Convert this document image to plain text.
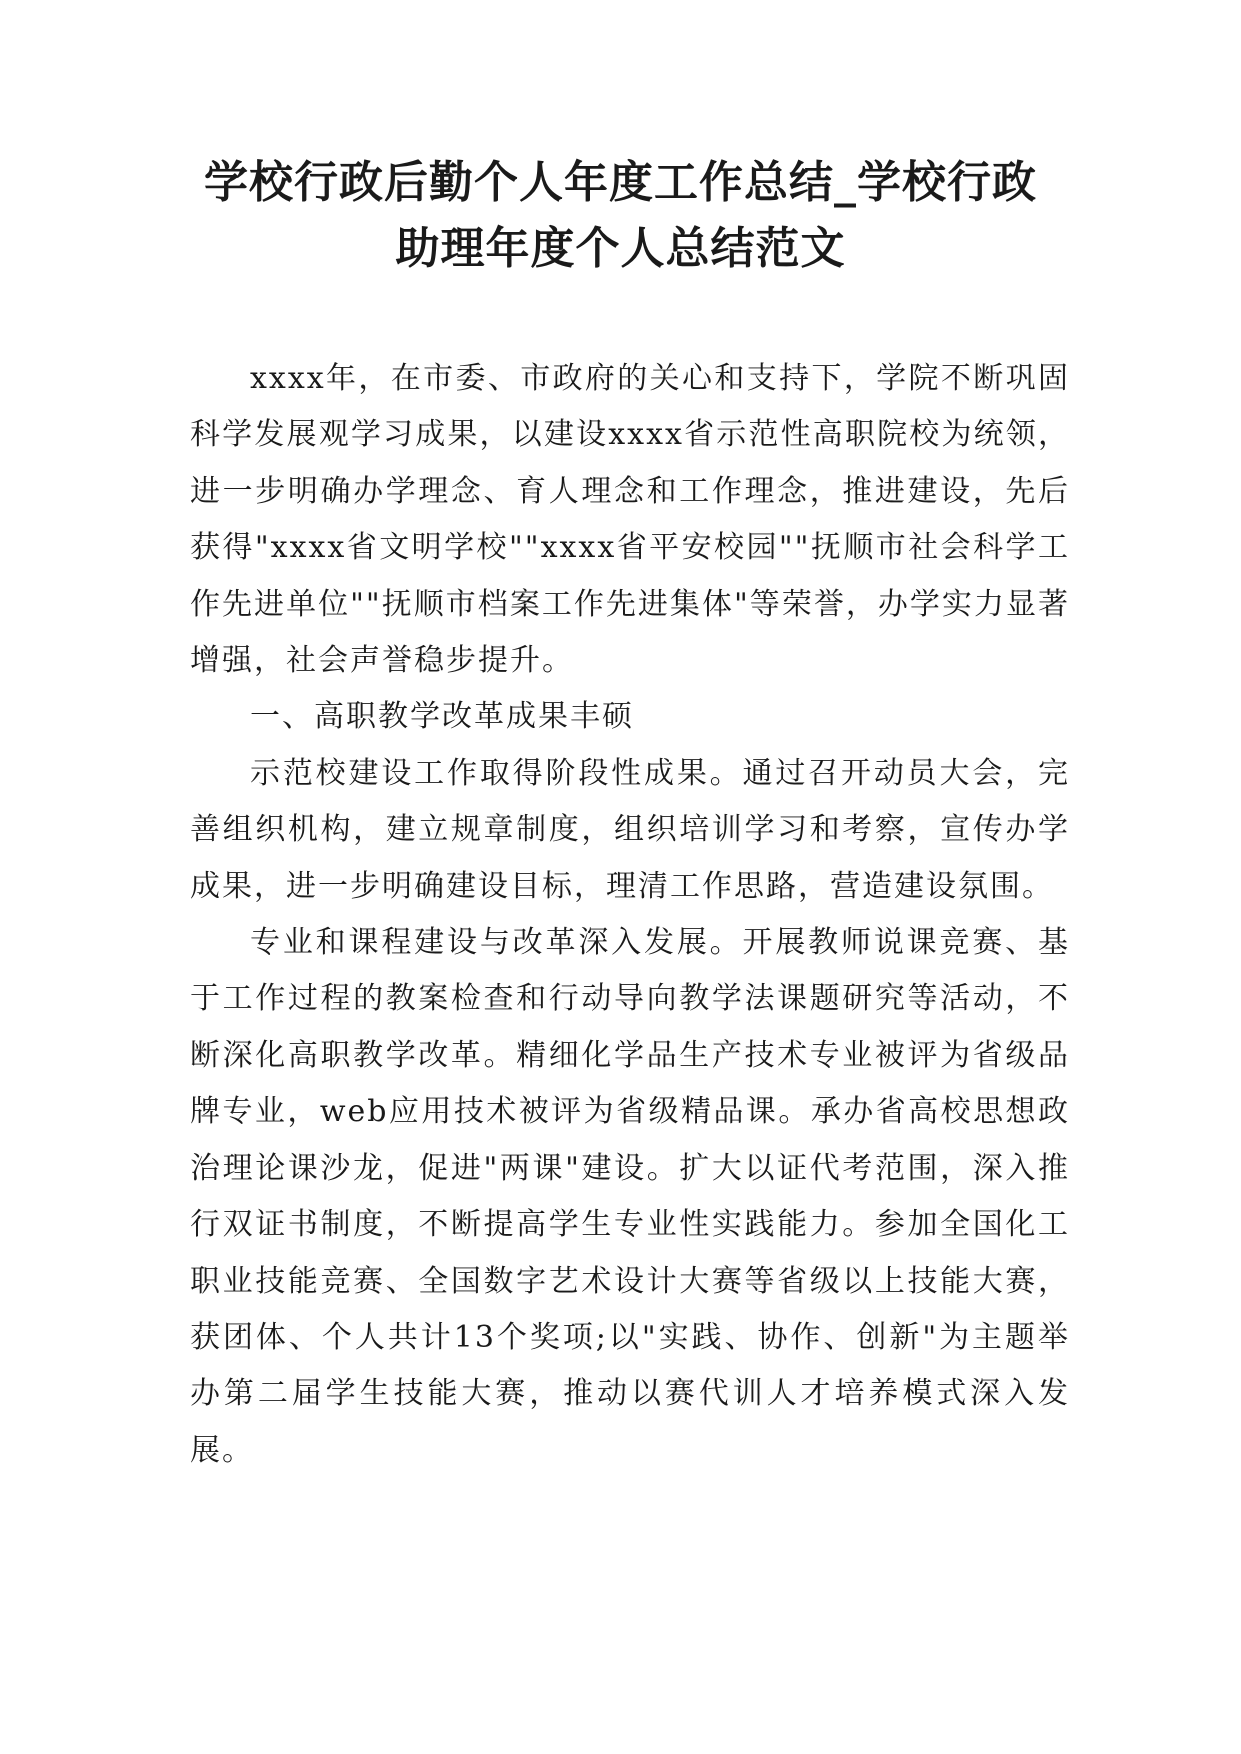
学校行政后勤个人年度工作总结_学校行政
助理年度个人总结范文

xxxx年，在市委、市政府的关心和支持下，学院不断巩固科学发展观学习成果，以建设xxxx省示范性高职院校为统领，进一步明确办学理念、育人理念和工作理念，推进建设，先后获得"xxxx省文明学校""xxxx省平安校园""抚顺市社会科学工作先进单位""抚顺市档案工作先进集体"等荣誉，办学实力显著增强，社会声誉稳步提升。

一、高职教学改革成果丰硕

示范校建设工作取得阶段性成果。通过召开动员大会，完善组织机构，建立规章制度，组织培训学习和考察，宣传办学成果，进一步明确建设目标，理清工作思路，营造建设氛围。

专业和课程建设与改革深入发展。开展教师说课竞赛、基于工作过程的教案检查和行动导向教学法课题研究等活动，不断深化高职教学改革。精细化学品生产技术专业被评为省级品牌专业，web应用技术被评为省级精品课。承办省高校思想政治理论课沙龙，促进"两课"建设。扩大以证代考范围，深入推行双证书制度，不断提高学生专业性实践能力。参加全国化工职业技能竞赛、全国数字艺术设计大赛等省级以上技能大赛，获团体、个人共计13个奖项;以"实践、协作、创新"为主题举办第二届学生技能大赛，推动以赛代训人才培养模式深入发展。
